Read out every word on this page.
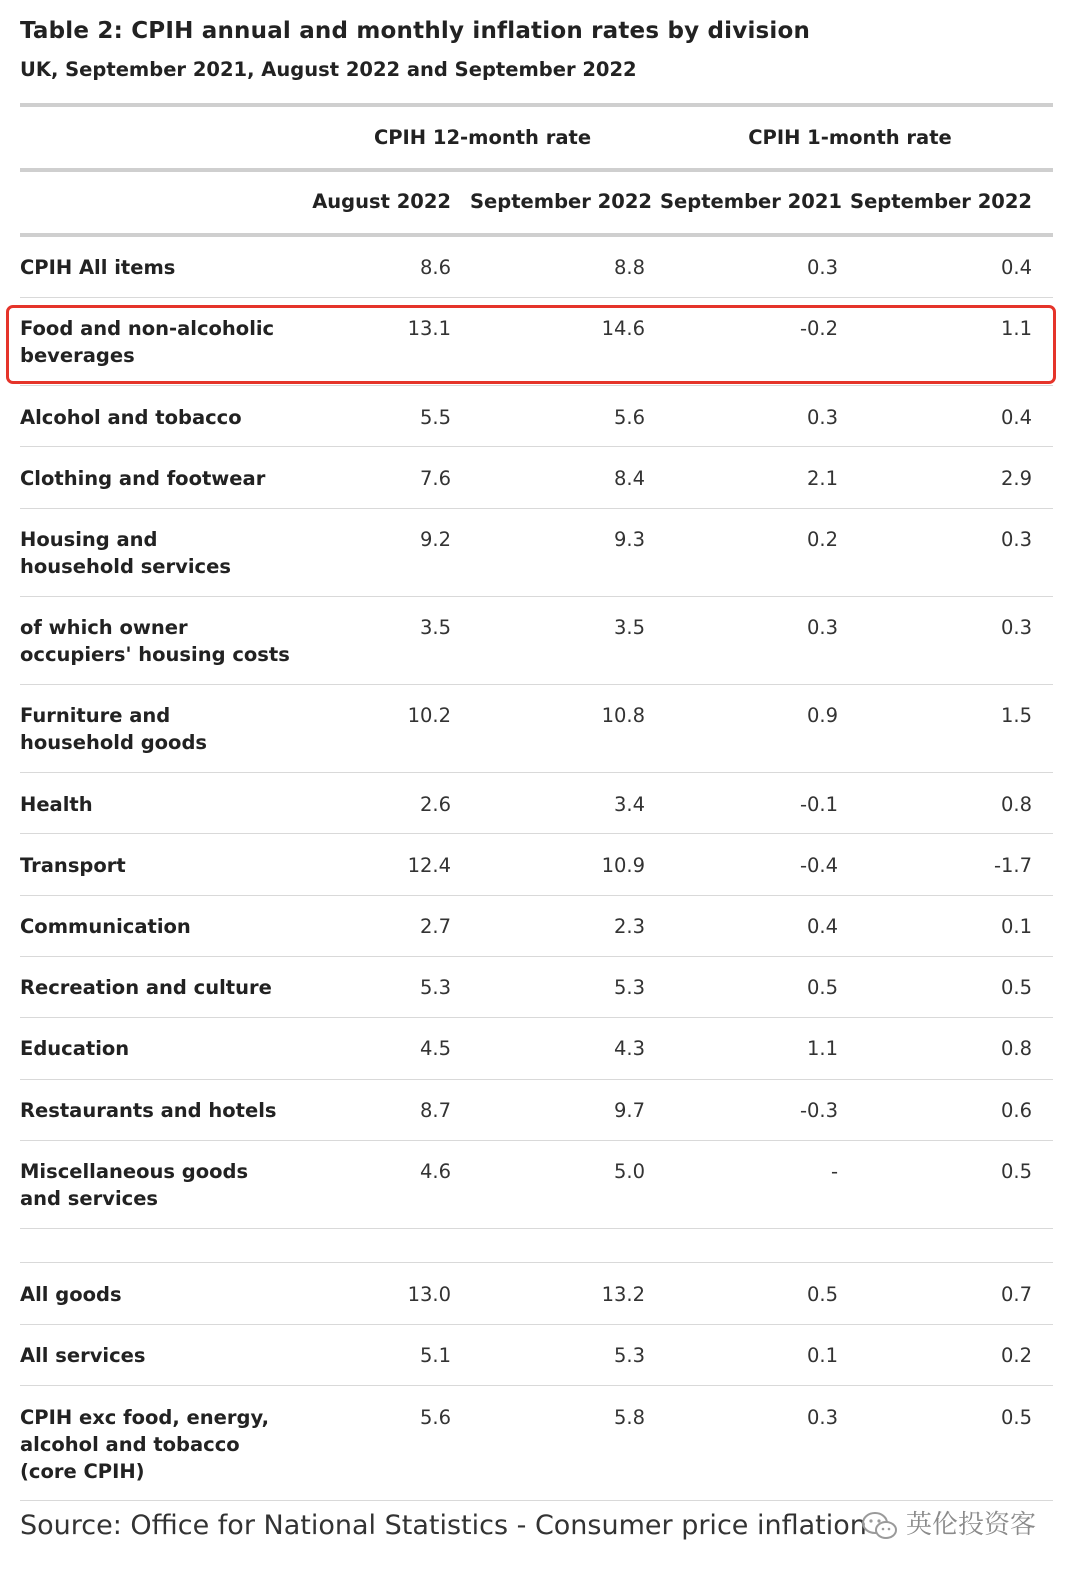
Table 2: CPIH annual and monthly inflation rates by division
UK, September 2021, August 2022 and September 2022
CPIH 12-month rate	CPIH 1-month rate
August 2022 September 2022 September 2021 September 2022
CPIH All items	8.6	8.8	0.3	0.4
Food and non-alcoholic beverages
13.1	14.6	-0.2	1.1
Alcohol and tobacco	5.5	5.6	0.3	0.4
Clothing and footwear	7.6	8.4	2.1	2.9
Housing and household services
9.2	9.3	0.2	0.3
of which owner occupiers' housing costs
3.5	3.5	0.3	0.3
Furniture and household goods
10.2	10.8	0.9	1.5
Health	2.6	3.4	-0.1	0.8
Transport	12.4	10.9	-0.4	-1.7
Communication	2.7	2.3	0.4	0.1
Recreation and culture	5.3	5.3	0.5	0.5
Education	4.5	4.3	1.1	0.8
Restaurants and hotels	8.7	9.7	-0.3	0.6
Miscellaneous goods and services
4.6	5.0	-	0.5
All goods	13.0	13.2	0.5	0.7
All services	5.1	5.3	0.1	0.2
CPIH exc food, energy, alcohol and tobacco (core CPIH)
5.6	5.8	0.3	0.5
Source: Office for National Statistics - Consumer price inflation	英伦投资客
